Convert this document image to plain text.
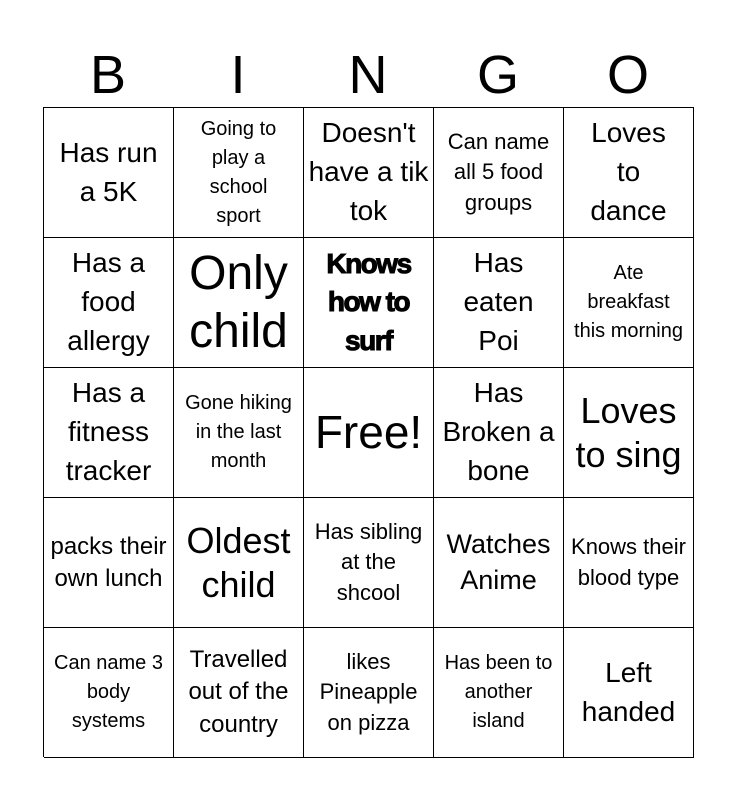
B	I	N	G	O
Has run a 5K
Going to play a school sport
Doesn't have a tik tok
Can name all 5 food groups
Loves to dance
Has a food allergy
Only child
Knows how to surf
Has eaten Poi
Ate breakfast this morning
Has a fitness tracker
Gone hiking in the last month
Free!
Has Broken a bone
Loves to sing
packs their own lunch
Oldest child
Has sibling at the shcool
Watches Anime
Knows their blood type
Can name 3 body systems
Travelled out of the country
likes Pineapple on pizza
Has been to another island
Left handed
